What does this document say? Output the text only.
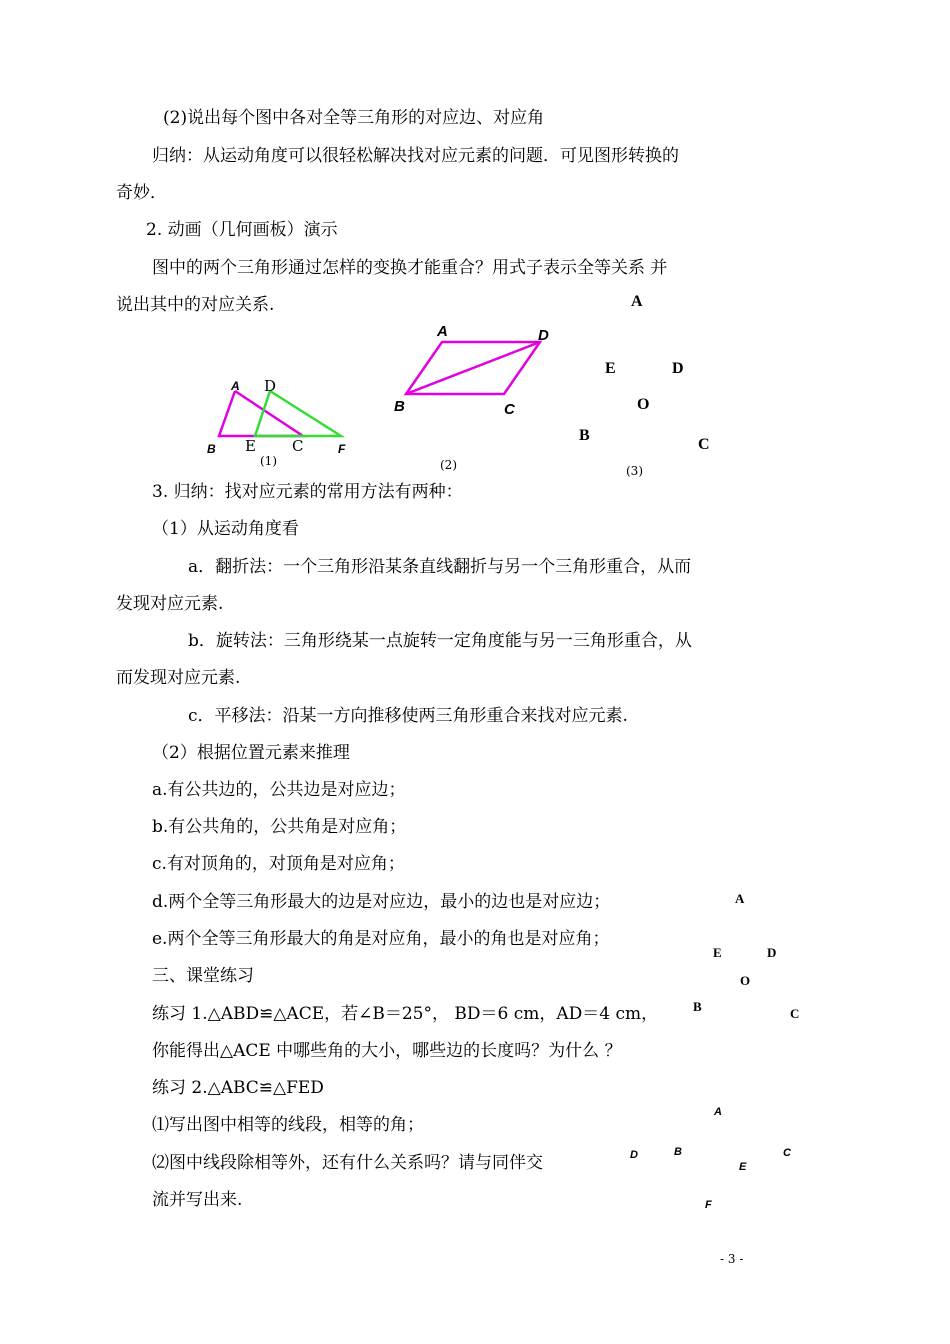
(2)说出每个图中各对全等三角形的对应边、对应角
归纳：从运动角度可以很轻松解决找对应元素的问题．可见图形转换的
奇妙．
2. 动画（几何画板）演示
图中的两个三角形通过怎样的变换才能重合？用式子表示全等关系 并
说出其中的对应关系.
A D
B E C	F
(1)
A	D
B	C
(2)
A
E	D
O
B
C
(3)
3. 归纳：找对应元素的常用方法有两种：
（1）从运动角度看
a．翻折法：一个三角形沿某条直线翻折与另一个三角形重合，从而
发现对应元素.
b．旋转法：三角形绕某一点旋转一定角度能与另一三角形重合，从
而发现对应元素.
c．平移法：沿某一方向推移使两三角形重合来找对应元素.
（2）根据位置元素来推理
a.有公共边的，公共边是对应边；
b.有公共角的，公共角是对应角；
c.有对顶角的，对顶角是对应角；
d.两个全等三角形最大的边是对应边，最小的边也是对应边；
e.两个全等三角形最大的角是对应角，最小的角也是对应角；
三、课堂练习
练习 1.△ABD≌△ACE，若∠B＝25°， BD＝6 cm，AD＝4 cm，
你能得出△ACE 中哪些角的大小，哪些边的长度吗？为什么 ？
练习 2.△ABC≌△FED
⑴写出图中相等的线段，相等的角；
⑵图中线段除相等外，还有什么关系吗？请与同伴交
流并写出来.
A
E	D
O
B	C
A
D	B
E
C
F
- 3 -
